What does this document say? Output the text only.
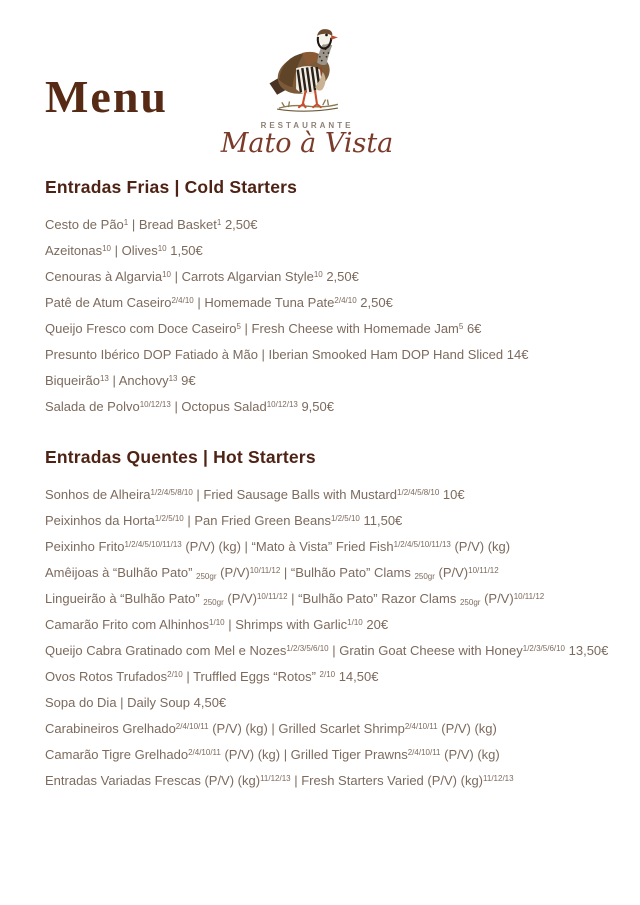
Menu
RESTAURANTE
Mato à Vista
Entradas Frias | Cold Starters

Cesto de Pão$^1$ | Bread Basket$^1$ 2,50€

Azeitonas$^{10}$ | Olives$^{10}$ 1,50€

Cenouras à Algarvia$^{10}$ | Carrots Algarvian Style$^{10}$ 2,50€

Patê de Atum Caseiro$^{2/4/10}$ | Homemade Tuna Pate$^{2/4/10}$ 2,50€

Queijo Fresco com Doce Caseiro$^5$ | Fresh Cheese with Homemade Jam$^5$ 6€

Presunto Ibérico DOP Fatiado à Mão | Iberian Smooked Ham DOP Hand Sliced 14€

Biqueirão$^{13}$ | Anchovy$^{13}$ 9€

Salada de Polvo$^{10/12/13}$ | Octopus Salad$^{10/12/13}$ 9,50€

Entradas Quentes | Hot Starters

Sonhos de Alheira$^{1/2/4/5/8/10}$ | Fried Sausage Balls with Mustard$^{1/2/4/5/8/10}$ 10€

Peixinhos da Horta$^{1/2/5/10}$ | Pan Fried Green Beans$^{1/2/5/10}$ 11,50€

Peixinho Frito$^{1/2/4/5/10/11/13}$ (P/V) (kg) | “Mato à Vista” Fried Fish$^{1/2/4/5/10/11/13}$ (P/V) (kg)

Amêijoas à “Bulhão Pato” $_{250gr}$ $(P/V)^{10/11/12}$ | “Bulhão Pato” Clams $_{250gr}$ $(P/V)^{10/11/12}$

Lingueirão à “Bulhão Pato” $_{250gr}$ $(P/V)^{10/11/12}$ | “Bulhão Pato” Razor Clams $_{250gr}$ $(P/V)^{10/11/12}$

Camarão Frito com Alhinhos$^{1/10}$ | Shrimps with Garlic$^{1/10}$ 20€

Queijo Cabra Gratinado com Mel e Nozes$^{1/2/3/5/6/10}$ | Gratin Goat Cheese with Honey$^{1/2/3/5/6/10}$ 13,50€

Ovos Rotos Trufados$^{2/10}$ | Truffled Eggs “Rotos” $^{2/10}$ 14,50€

Sopa do Dia | Daily Soup 4,50€

Carabineiros Grelhado$^{2/4/10/11}$ (P/V) (kg) | Grilled Scarlet Shrimp$^{2/4/10/11}$ (P/V) (kg)

Camarão Tigre Grelhado$^{2/4/10/11}$ (P/V) (kg) | Grilled Tiger Prawns$^{2/4/10/11}$ (P/V) (kg)

Entradas Variadas Frescas (P/V) (kg)$^{11/12/13}$ | Fresh Starters Varied (P/V) (kg)$^{11/12/13}$
